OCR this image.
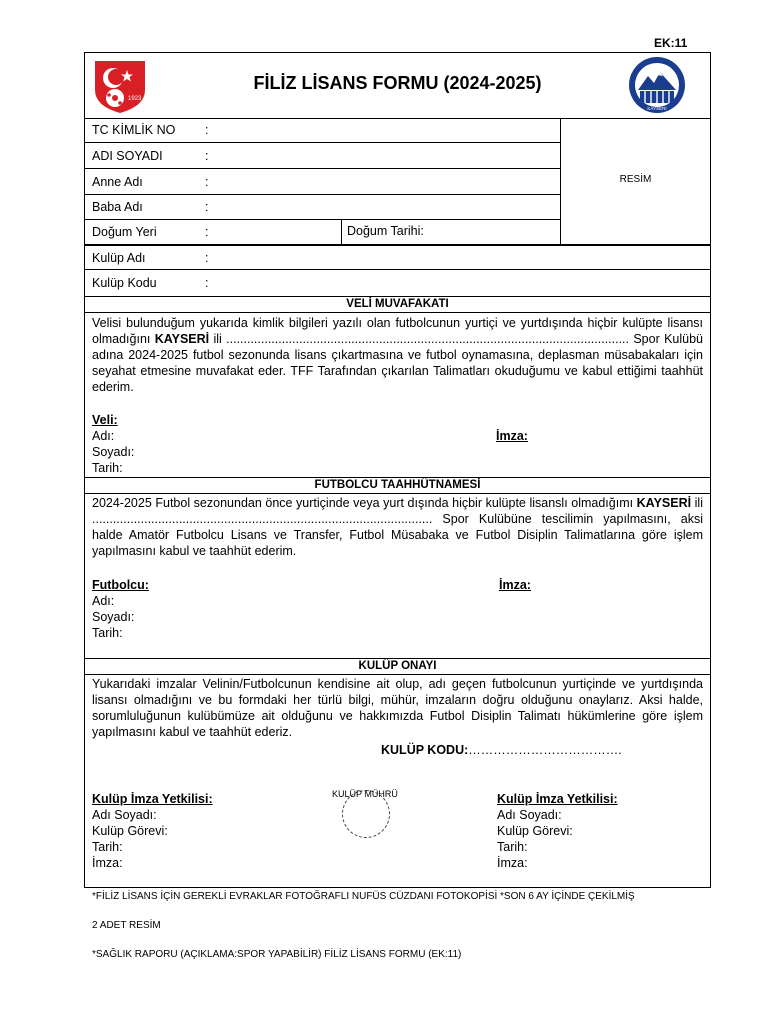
EK:11
1923
FİLİZ LİSANS FORMU (2024-2025)
KAYSERİ
TC KİMLİK NO :
ADI SOYADI	:
Anne Adı	:
Baba Adı	:
Doğum Yeri	:	Doğum Tarihi:
RESİM
Kulüp Adı	:
Kulüp Kodu	:
VELİ MUVAFAKATI
Velisi bulunduğum yukarıda kimlik bilgileri yazılı olan futbolcunun yurtiçi ve yurtdışında hiçbir kulüpte lisansı olmadığını KAYSERİ ili .................................................................................................................... Spor Kulübü adına 2024-2025 futbol sezonunda lisans çıkartmasına ve futbol oynamasına, deplasman müsabakaları için seyahat etmesine muvafakat eder. TFF Tarafından çıkarılan Talimatları okuduğumu ve kabul ettiğimi taahhüt ederim.
Veli:
Adı:	İmza:
Soyadı:
Tarih:
FUTBOLCU TAAHHÜTNAMESİ
2024-2025 Futbol sezonundan önce yurtiçinde veya yurt dışında hiçbir kulüpte lisanslı olmadığımı KAYSERİ ili .................................................................................................. Spor Kulübüne tescilimin yapılmasını, aksi halde Amatör Futbolcu Lisans ve Transfer, Futbol Müsabaka ve Futbol Disiplin Talimatlarına göre işlem yapılmasını kabul ve taahhüt ederim.
Futbolcu:	İmza:
Adı:
Soyadı:
Tarih:
KULÜP ONAYI
Yukarıdaki imzalar Velinin/Futbolcunun kendisine ait olup, adı geçen futbolcunun yurtiçinde ve yurtdışında lisansı olmadığını ve bu formdaki her türlü bilgi, mühür, imzaların doğru olduğunu onaylarız. Aksi halde, sorumluluğunun kulübümüze ait olduğunu ve hakkımızda Futbol Disiplin Talimatı hükümlerine göre işlem yapılmasını kabul ve taahhüt ederiz.
KULÜP KODU:……………………………….
Kulüp İmza Yetkilisi:
Adı Soyadı:
Kulüp Görevi:
Tarih:
İmza:
Kulüp İmza Yetkilisi:
Adı Soyadı:
Kulüp Görevi:
Tarih:
İmza:
KULÜP MÜHRÜ
*FİLİZ LİSANS İÇİN GEREKLİ EVRAKLAR FOTOĞRAFLI NUFÜS CÜZDANI FOTOKOPİSİ *SON 6 AY İÇİNDE ÇEKİLMİŞ
2 ADET RESİM
*SAĞLIK RAPORU (AÇIKLAMA:SPOR YAPABİLİR) FİLİZ LİSANS FORMU (EK:11)
